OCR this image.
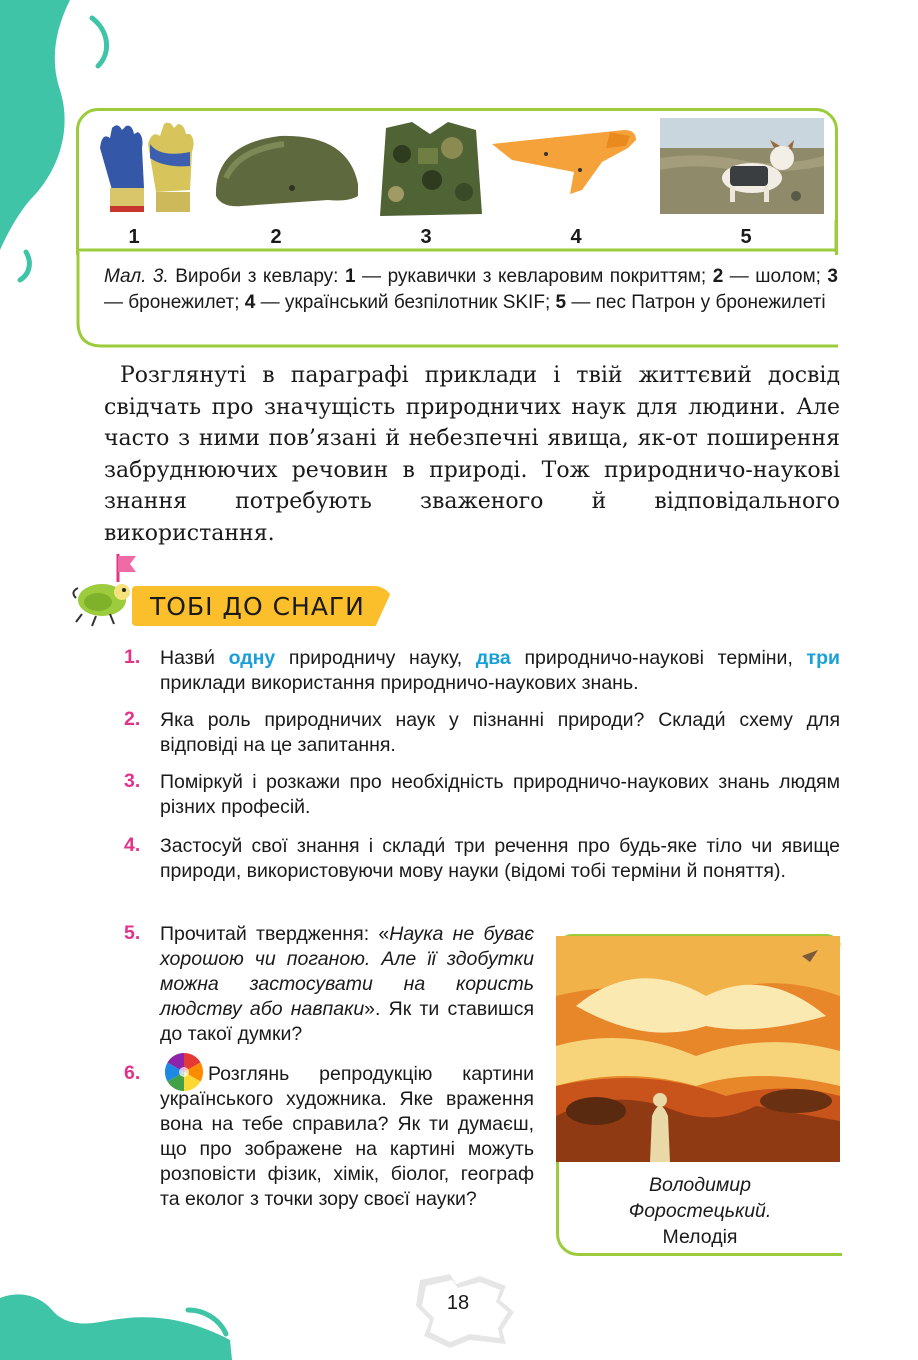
1	2	3	4	5
Мал. 3. Вироби з кевлару: 1 — рукавички з кевларовим покриттям; 2 — шолом; 3 — бронежилет; 4 — український безпілотник SKIF; 5 — пес Патрон у бронежилеті
Розглянуті в параграфі приклади і твій життєвий досвід свідчать про значущість природничих наук для людини. Але часто з ними пов’язані й небезпечні явища, як-от поширення забруднюючих речовин в природі. Тож природничо-наукові знання потребують зваженого й відповідального використання.
ТОБІ ДО СНАГИ
1.	Назви́ одну природничу науку, два природничо-наукові терміни, три приклади використання природничо-наукових знань.
2.	Яка роль природничих наук у пізнанні природи? Склади́ схему для відповіді на це запитання.
3.	Поміркуй і розкажи про необхідність природничо-наукових знань людям різних професій.
4.	Застосуй свої знання і склади́ три речення про будь-яке тіло чи явище природи, використовуючи мову науки (відомі тобі терміни й поняття).
5.	Прочитай твердження: «Наука не буває хорошою чи поганою. Але її здобутки можна застосувати на користь людству або навпаки». Як ти ставишся до такої думки?
6.	Розглянь репродукцію картини українського художника. Яке враження вона на тебе справила? Як ти думаєш, що про зображене на картині можуть розповісти фізик, хімік, біолог, географ та еколог з точки зору своєї науки?
Володимир
Форостецький.
Мелодія
18
